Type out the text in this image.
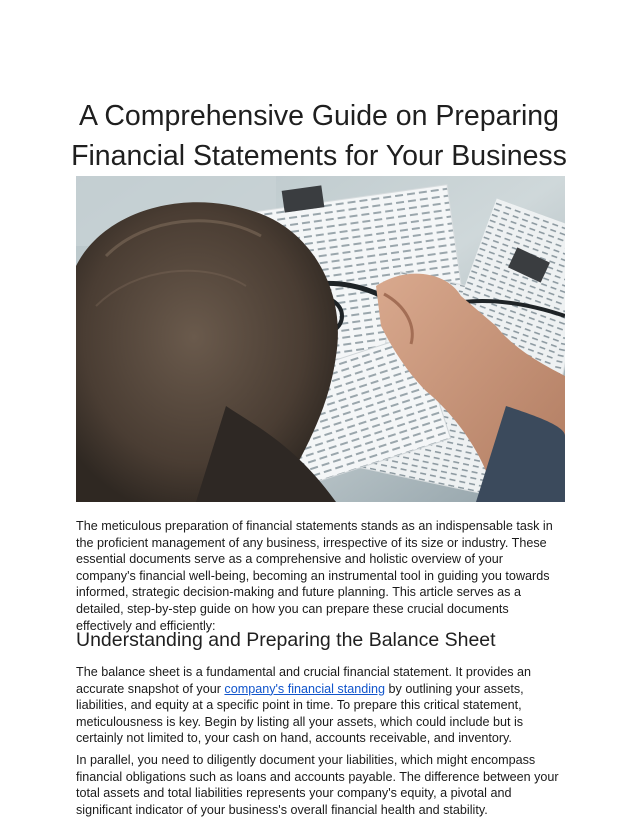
A Comprehensive Guide on Preparing
Financial Statements for Your Business

The meticulous preparation of financial statements stands as an indispensable task in the proficient management of any business, irrespective of its size or industry. These essential documents serve as a comprehensive and holistic overview of your company's financial well-being, becoming an instrumental tool in guiding you towards informed, strategic decision-making and future planning. This article serves as a detailed, step-by-step guide on how you can prepare these crucial documents effectively and efficiently:

Understanding and Preparing the Balance Sheet

The balance sheet is a fundamental and crucial financial statement. It provides an accurate snapshot of your company's financial standing by outlining your assets, liabilities, and equity at a specific point in time. To prepare this critical statement, meticulousness is key. Begin by listing all your assets, which could include but is certainly not limited to, your cash on hand, accounts receivable, and inventory.

In parallel, you need to diligently document your liabilities, which might encompass financial obligations such as loans and accounts payable. The difference between your total assets and total liabilities represents your company's equity, a pivotal and significant indicator of your business's overall financial health and stability.
